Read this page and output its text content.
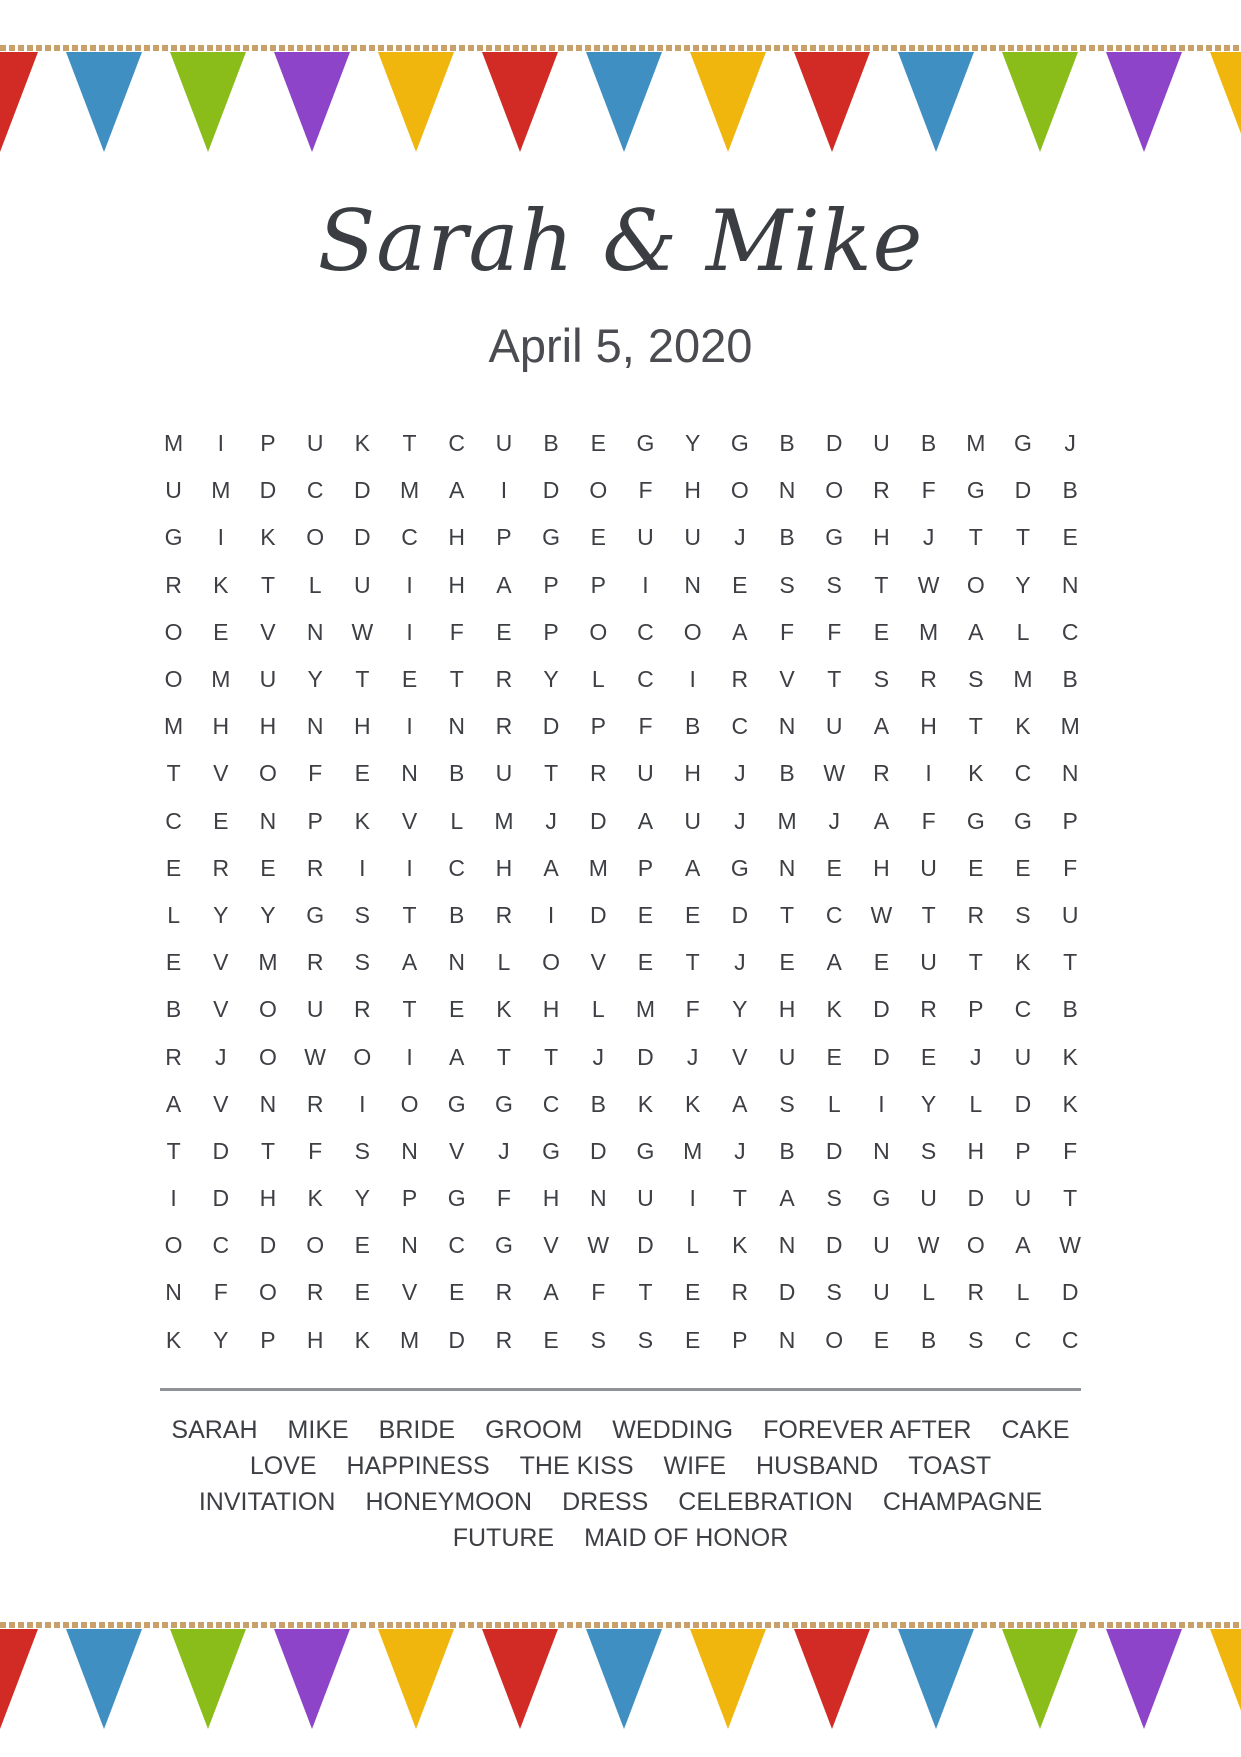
Sarah & Mike
April 5, 2020
M	I	P	U	K	T	C	U	B	E	G	Y	G	B	D	U	B	M	G	J
U	M	D	C	D	M	A	I	D	O	F	H	O	N	O	R	F	G	D	B
G	I	K	O	D	C	H	P	G	E	U	U	J	B	G	H	J	T	T	E
R	K	T	L	U	I	H	A	P	P	I	N	E	S	S	T	W	O	Y	N
O	E	V	N	W	I	F	E	P	O	C	O	A	F	F	E	M	A	L	C
O	M	U	Y	T	E	T	R	Y	L	C	I	R	V	T	S	R	S	M	B
M	H	H	N	H	I	N	R	D	P	F	B	C	N	U	A	H	T	K	M
T	V	O	F	E	N	B	U	T	R	U	H	J	B	W	R	I	K	C	N
C	E	N	P	K	V	L	M	J	D	A	U	J	M	J	A	F	G	G	P
E	R	E	R	I	I	C	H	A	M	P	A	G	N	E	H	U	E	E	F
L	Y	Y	G	S	T	B	R	I	D	E	E	D	T	C	W	T	R	S	U
E	V	M	R	S	A	N	L	O	V	E	T	J	E	A	E	U	T	K	T
B	V	O	U	R	T	E	K	H	L	M	F	Y	H	K	D	R	P	C	B
R	J	O	W	O	I	A	T	T	J	D	J	V	U	E	D	E	J	U	K
A	V	N	R	I	O	G	G	C	B	K	K	A	S	L	I	Y	L	D	K
T	D	T	F	S	N	V	J	G	D	G	M	J	B	D	N	S	H	P	F
I	D	H	K	Y	P	G	F	H	N	U	I	T	A	S	G	U	D	U	T
O	C	D	O	E	N	C	G	V	W	D	L	K	N	D	U	W	O	A	W
N	F	O	R	E	V	E	R	A	F	T	E	R	D	S	U	L	R	L	D
K	Y	P	H	K	M	D	R	E	S	S	E	P	N	O	E	B	S	C	C
SARAH MIKE BRIDE GROOM WEDDING FOREVER AFTER CAKE
LOVE HAPPINESS THE KISS WIFE HUSBAND TOAST
INVITATION HONEYMOON DRESS CELEBRATION CHAMPAGNE
FUTURE MAID OF HONOR
